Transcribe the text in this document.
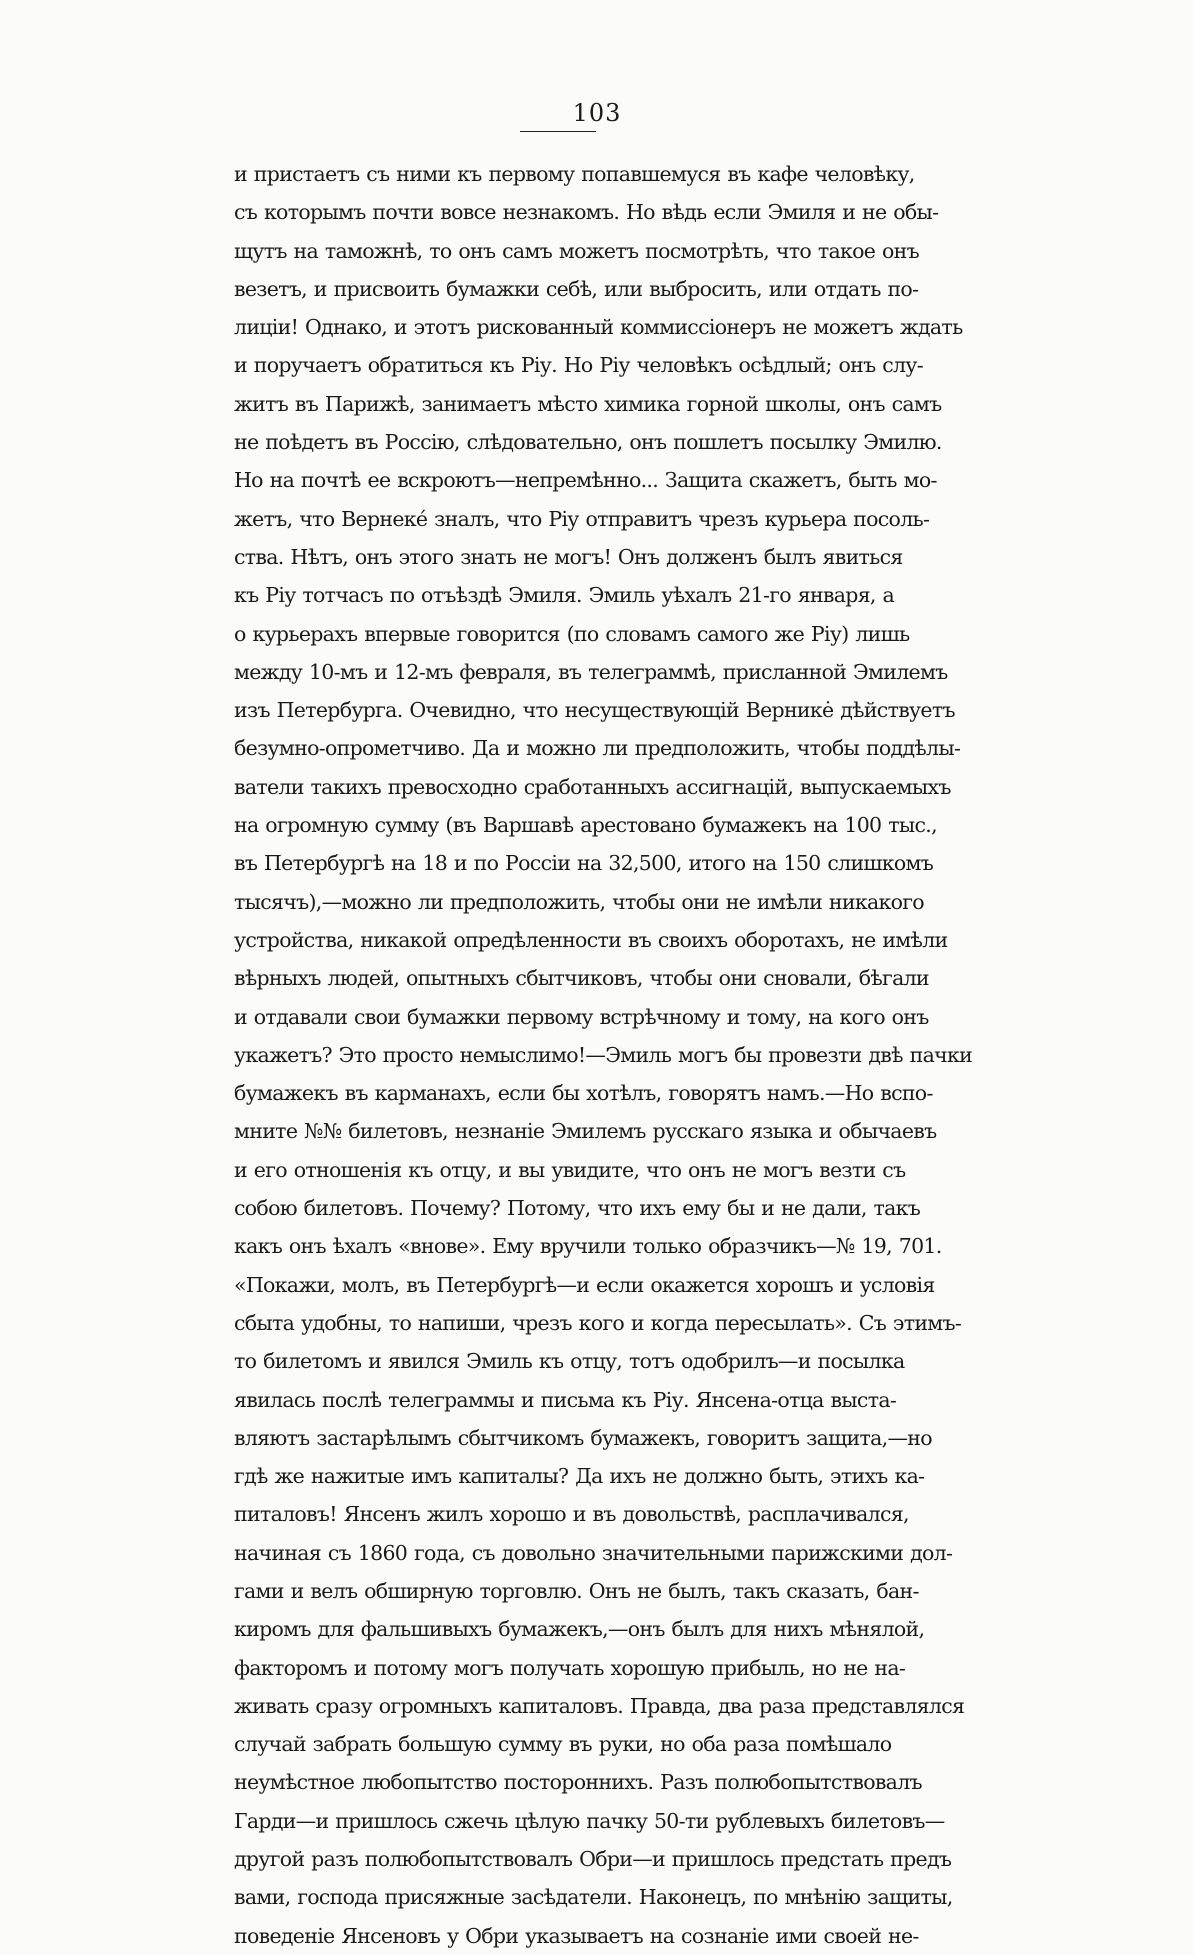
103
и пристаетъ съ ними къ первому попавшемуся въ кафе человѣку,
съ которымъ почти вовсе незнакомъ. Но вѣдь если Эмиля и не обы-
щутъ на таможнѣ, то онъ самъ можетъ посмотрѣть, что такое онъ
везетъ, и присвоить бумажки себѣ, или выбросить, или отдать по-
лиціи! Однако, и этотъ рискованный коммиссіонеръ не можетъ ждать
и поручаетъ обратиться къ Ріу. Но Ріу человѣкъ осѣдлый; онъ слу-
житъ въ Парижѣ, занимаетъ мѣсто химика горной школы, онъ самъ
не поѣдетъ въ Россію, слѣдовательно, онъ пошлетъ посылку Эмилю.
Но на почтѣ ее вскроютъ—непремѣнно... Защита скажетъ, быть мо-
жетъ, что Вернеке́ зналъ, что Ріу отправитъ чрезъ курьера посоль-
ства. Нѣтъ, онъ этого знать не могъ! Онъ долженъ былъ явиться
къ Ріу тотчасъ по отъѣздѣ Эмиля. Эмиль уѣхалъ 21-го января, а
о курьерахъ впервые говорится (по словамъ самого же Ріу) лишь
между 10-мъ и 12-мъ февраля, въ телеграммѣ, присланной Эмилемъ
изъ Петербурга. Очевидно, что несуществующій Вернике̇ дѣйствуетъ
безумно-опрометчиво. Да и можно ли предположить, чтобы поддѣлы-
ватели такихъ превосходно сработанныхъ ассигнацій, выпускаемыхъ
на огромную сумму (въ Варшавѣ арестовано бумажекъ на 100 тыс.,
въ Петербургѣ на 18 и по Россіи на 32,500, итого на 150 слишкомъ
тысячъ),—можно ли предположить, чтобы они не имѣли никакого
устройства, никакой опредѣленности въ своихъ оборотахъ, не имѣли
вѣрныхъ людей, опытныхъ сбытчиковъ, чтобы они сновали, бѣгали
и отдавали свои бумажки первому встрѣчному и тому, на кого онъ
укажетъ? Это просто немыслимо!—Эмиль могъ бы провезти двѣ пачки
бумажекъ въ карманахъ, если бы хотѣлъ, говорятъ намъ.—Но вспо-
мните №№ билетовъ, незнаніе Эмилемъ русскаго языка и обычаевъ
и его отношенія къ отцу, и вы увидите, что онъ не могъ везти съ
собою билетовъ. Почему? Потому, что ихъ ему бы и не дали, такъ
какъ онъ ѣхалъ «внове». Ему вручили только образчикъ—№ 19, 701.
«Покажи, молъ, въ Петербургѣ—и если окажется хорошъ и условія
сбыта удобны, то напиши, чрезъ кого и когда пересылать». Съ этимъ-
то билетомъ и явился Эмиль къ отцу, тотъ одобрилъ—и посылка
явилась послѣ телеграммы и письма къ Ріу. Янсена-отца выста-
вляютъ застарѣлымъ сбытчикомъ бумажекъ, говоритъ защита,—но
гдѣ же нажитые имъ капиталы? Да ихъ не должно быть, этихъ ка-
питаловъ! Янсенъ жилъ хорошо и въ довольствѣ, расплачивался,
начиная съ 1860 года, съ довольно значительными парижскими дол-
гами и велъ обширную торговлю. Онъ не былъ, такъ сказать, бан-
киромъ для фальшивыхъ бумажекъ,—онъ былъ для нихъ мѣнялой,
факторомъ и потому могъ получать хорошую прибыль, но не на-
живать сразу огромныхъ капиталовъ. Правда, два раза представлялся
случай забрать большую сумму въ руки, но оба раза помѣшало
неумѣстное любопытство постороннихъ. Разъ полюбопытствовалъ
Гарди—и пришлось сжечь цѣлую пачку 50-ти рублевыхъ билетовъ—
другой разъ полюбопытствовалъ Обри—и пришлось предстать предъ
вами, господа присяжные засѣдатели. Наконецъ, по мнѣнію защиты,
поведеніе Янсеновъ у Обри указываетъ на сознаніе ими своей не-
